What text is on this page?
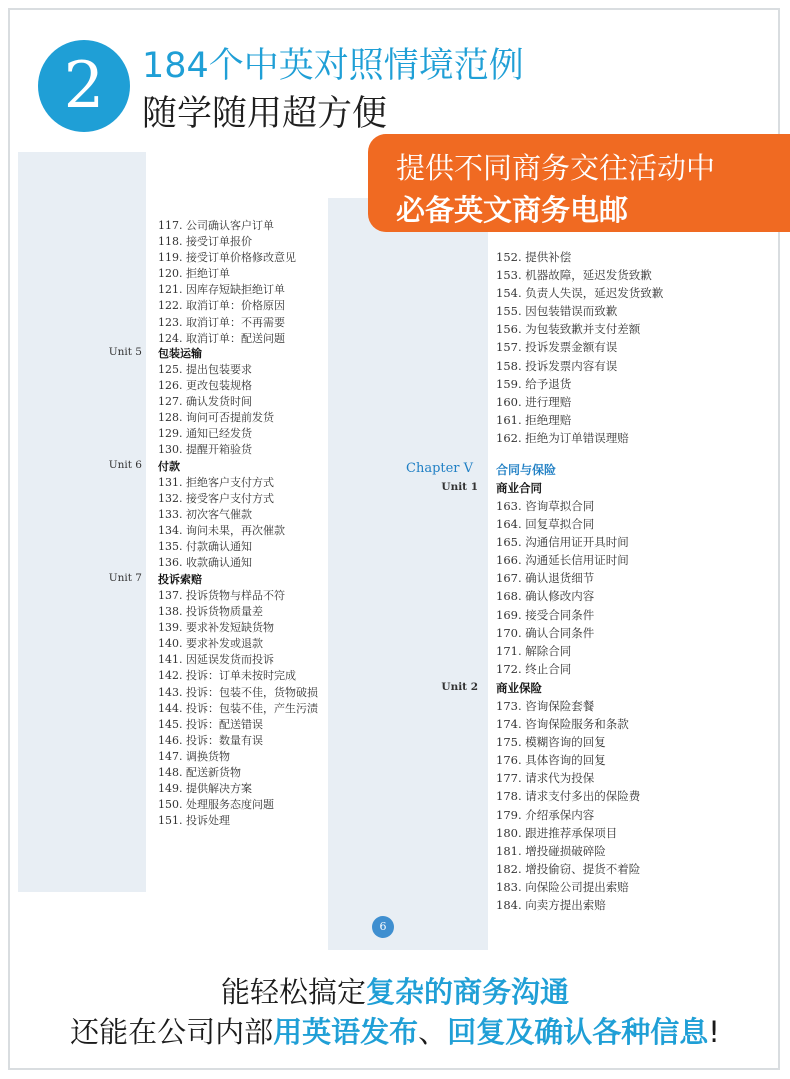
2	184个中英对照情境范例
随学随用超方便
提供不同商务交往活动中
必备英文商务电邮
117. 公司确认客户订单
118. 接受订单报价
119. 接受订单价格修改意见
120. 拒绝订单
121. 因库存短缺拒绝订单
122. 取消订单：价格原因
123. 取消订单：不再需要
124. 取消订单：配送问题
Unit 5 包装运输
125. 提出包装要求
126. 更改包装规格
127. 确认发货时间
128. 询问可否提前发货
129. 通知已经发货
130. 提醒开箱验货
Unit 6 付款
131. 拒绝客户支付方式
132. 接受客户支付方式
133. 初次客气催款
134. 询问未果，再次催款
135. 付款确认通知
136. 收款确认通知
Unit 7 投诉索赔
137. 投诉货物与样品不符
138. 投诉货物质量差
139. 要求补发短缺货物
140. 要求补发或退款
141. 因延误发货而投诉
142. 投诉：订单未按时完成
143. 投诉：包装不佳，货物破损
144. 投诉：包装不佳，产生污渍
145. 投诉：配送错误
146. 投诉：数量有误
147. 调换货物
148. 配送新货物
149. 提供解决方案
150. 处理服务态度问题
151. 投诉处理
152. 提供补偿
153. 机器故障，延迟发货致歉
154. 负责人失误，延迟发货致歉
155. 因包装错误而致歉
156. 为包装致歉并支付差额
157. 投诉发票金额有误
158. 投诉发票内容有误
159. 给予退货
160. 进行理赔
161. 拒绝理赔
162. 拒绝为订单错误理赔
Chapter Ⅴ 合同与保险
Unit 1 商业合同
163. 咨询草拟合同
164. 回复草拟合同
165. 沟通信用证开具时间
166. 沟通延长信用证时间
167. 确认退货细节
168. 确认修改内容
169. 接受合同条件
170. 确认合同条件
171. 解除合同
172. 终止合同
Unit 2 商业保险
173. 咨询保险套餐
174. 咨询保险服务和条款
175. 模糊咨询的回复
176. 具体咨询的回复
177. 请求代为投保
178. 请求支付多出的保险费
179. 介绍承保内容
180. 跟进推荐承保项目
181. 增投碰损破碎险
182. 增投偷窃、提货不着险
183. 向保险公司提出索赔
184. 向卖方提出索赔
6
能轻松搞定复杂的商务沟通
还能在公司内部用英语发布、回复及确认各种信息!
